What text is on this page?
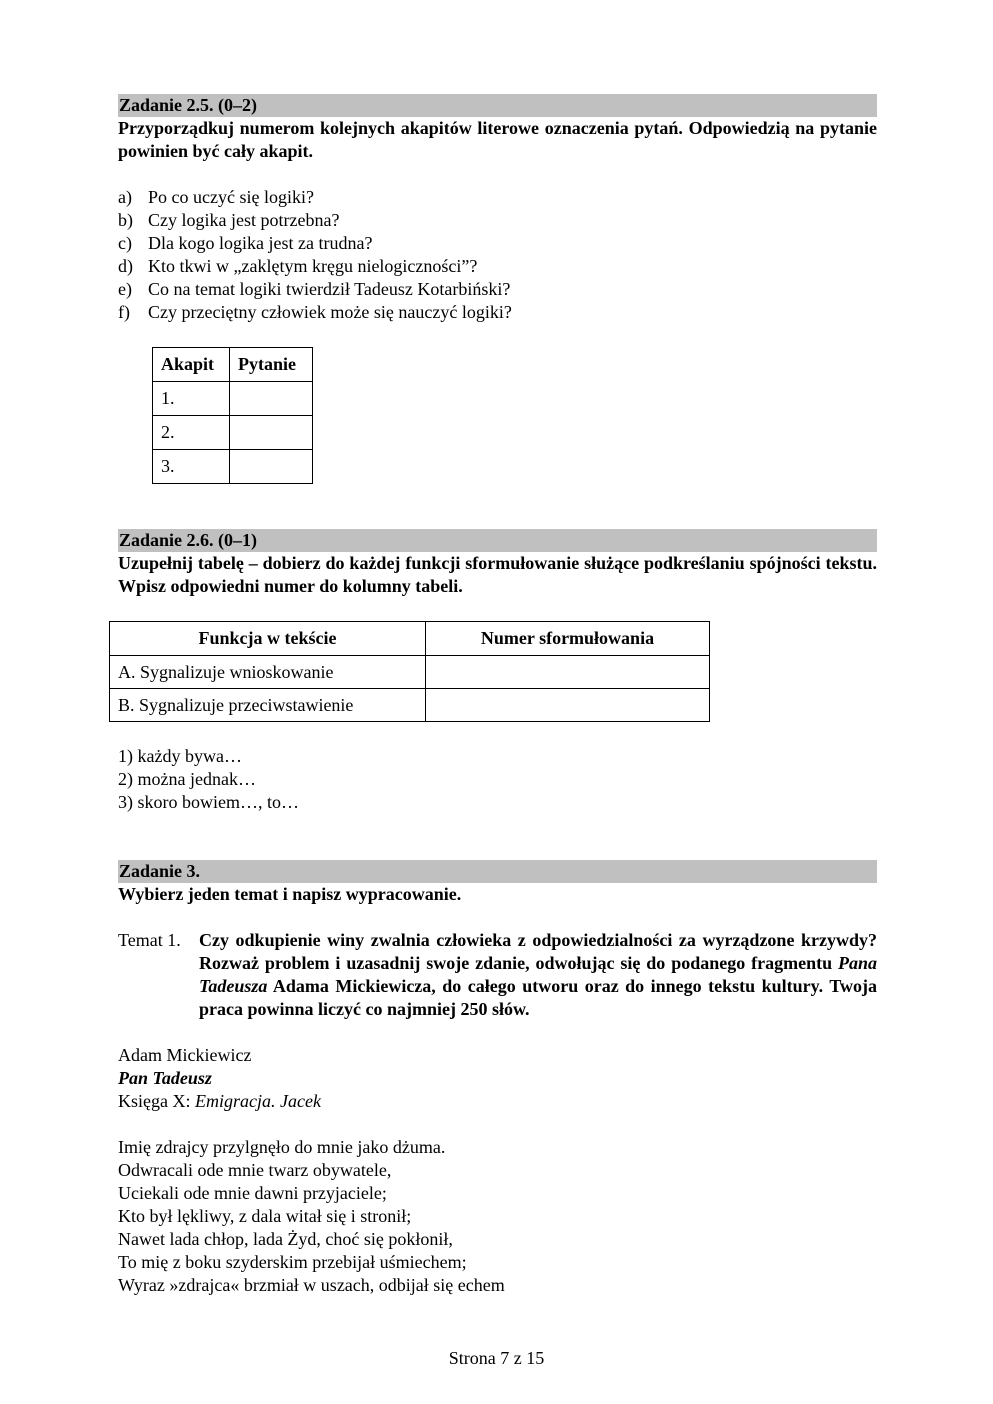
Zadanie 2.5. (0–2)
Przyporządkuj numerom kolejnych akapitów literowe oznaczenia pytań. Odpowiedzią na pytanie powinien być cały akapit.
a) Po co uczyć się logiki?
b) Czy logika jest potrzebna?
c) Dla kogo logika jest za trudna?
d) Kto tkwi w „zaklętym kręgu nielogiczności”?
e) Co na temat logiki twierdził Tadeusz Kotarbiński?
f)	Czy przeciętny człowiek może się nauczyć logiki?
Akapit	Pytanie
1.	
2.	
3.	
Zadanie 2.6. (0–1)
Uzupełnij tabelę – dobierz do każdej funkcji sformułowanie służące podkreślaniu spójności tekstu. Wpisz odpowiedni numer do kolumny tabeli.
Funkcja w tekście	Numer sformułowania
A. Sygnalizuje wnioskowanie	
B. Sygnalizuje przeciwstawienie	
1) każdy bywa…
2) można jednak…
3) skoro bowiem…, to…
Zadanie 3.
Wybierz jeden temat i napisz wypracowanie.
Temat 1.	Czy odkupienie winy zwalnia człowieka z odpowiedzialności za wyrządzone krzywdy? Rozważ problem i uzasadnij swoje zdanie, odwołując się do podanego fragmentu Pana Tadeusza Adama Mickiewicza, do całego utworu oraz do innego tekstu kultury. Twoja praca powinna liczyć co najmniej 250 słów.
Adam Mickiewicz
Pan Tadeusz
Księga X: Emigracja. Jacek
Imię zdrajcy przylgnęło do mnie jako dżuma.
Odwracali ode mnie twarz obywatele,
Uciekali ode mnie dawni przyjaciele;
Kto był lękliwy, z dala witał się i stronił;
Nawet lada chłop, lada Żyd, choć się pokłonił,
To mię z boku szyderskim przebijał uśmiechem;
Wyraz »zdrajca« brzmiał w uszach, odbijał się echem
Strona 7 z 15
